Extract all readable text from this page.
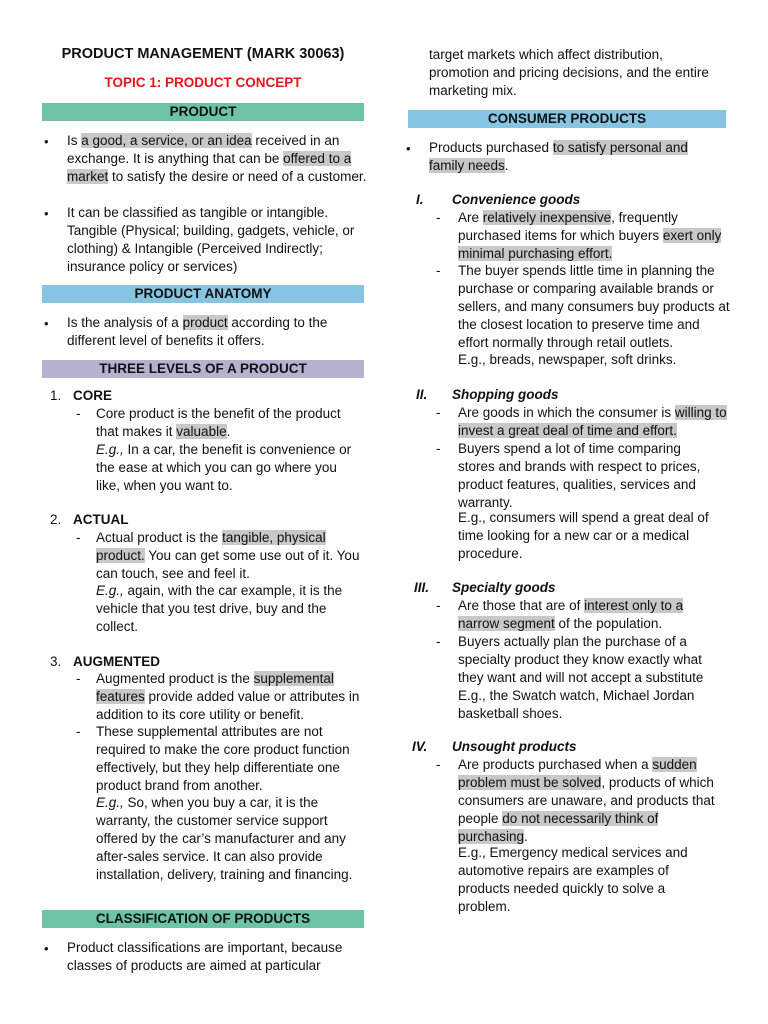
PRODUCT MANAGEMENT (MARK 30063)
TOPIC 1: PRODUCT CONCEPT
PRODUCT
• Is a good, a service, or an idea received in an exchange. It is anything that can be offered to a market to satisfy the desire or need of a customer.
• It can be classified as tangible or intangible. Tangible (Physical; building, gadgets, vehicle, or clothing) & Intangible (Perceived Indirectly; insurance policy or services)
PRODUCT ANATOMY
• Is the analysis of a product according to the different level of benefits it offers.
THREE LEVELS OF A PRODUCT
1. CORE
- Core product is the benefit of the product that makes it valuable.
E.g., In a car, the benefit is convenience or the ease at which you can go where you like, when you want to.
2. ACTUAL
- Actual product is the tangible, physical product. You can get some use out of it. You can touch, see and feel it.
E.g., again, with the car example, it is the vehicle that you test drive, buy and the collect.
3. AUGMENTED
- Augmented product is the supplemental features provide added value or attributes in addition to its core utility or benefit.
- These supplemental attributes are not required to make the core product function effectively, but they help differentiate one product brand from another.
E.g., So, when you buy a car, it is the warranty, the customer service support offered by the car’s manufacturer and any after-sales service. It can also provide installation, delivery, training and financing.
CLASSIFICATION OF PRODUCTS
• Product classifications are important, because classes of products are aimed at particular
target markets which affect distribution, promotion and pricing decisions, and the entire marketing mix.
CONSUMER PRODUCTS
• Products purchased to satisfy personal and family needs.
I. Convenience goods
- Are relatively inexpensive, frequently purchased items for which buyers exert only minimal purchasing effort.
- The buyer spends little time in planning the purchase or comparing available brands or sellers, and many consumers buy products at the closest location to preserve time and effort normally through retail outlets.
E.g., breads, newspaper, soft drinks.
II. Shopping goods
- Are goods in which the consumer is willing to invest a great deal of time and effort.
- Buyers spend a lot of time comparing stores and brands with respect to prices, product features, qualities, services and warranty.
E.g., consumers will spend a great deal of time looking for a new car or a medical procedure.
III. Specialty goods
- Are those that are of interest only to a narrow segment of the population.
- Buyers actually plan the purchase of a specialty product they know exactly what they want and will not accept a substitute E.g., the Swatch watch, Michael Jordan basketball shoes.
IV. Unsought products
- Are products purchased when a sudden problem must be solved, products of which consumers are unaware, and products that people do not necessarily think of purchasing.
E.g., Emergency medical services and automotive repairs are examples of products needed quickly to solve a problem.
